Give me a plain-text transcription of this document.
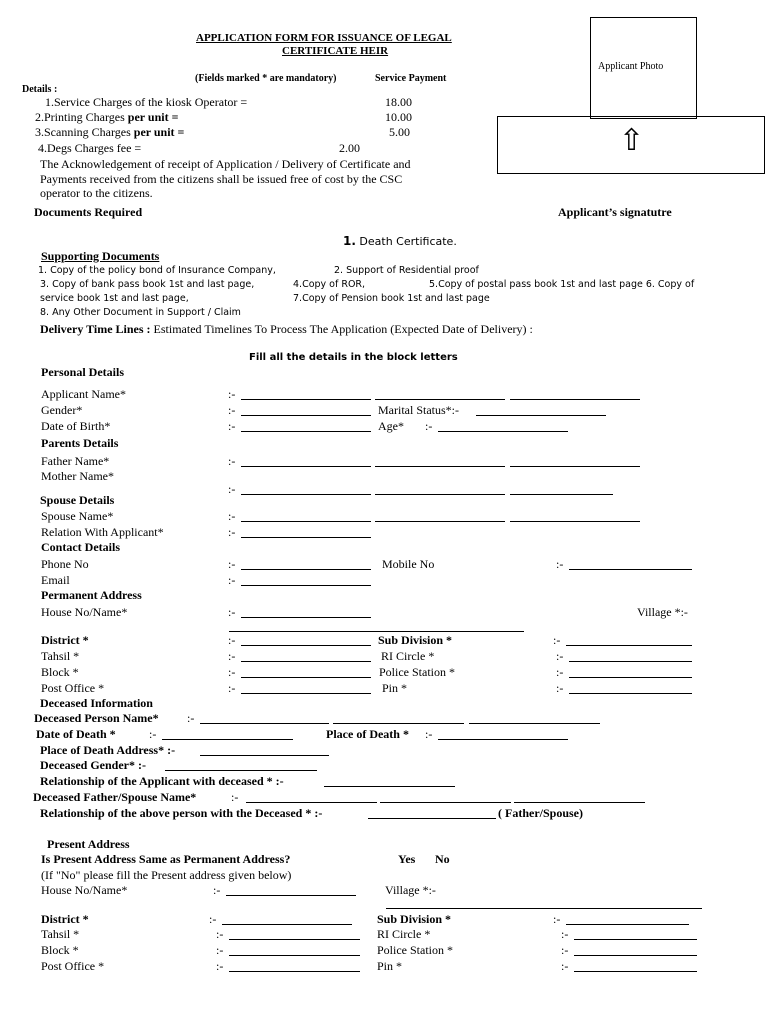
APPLICATION FORM FOR ISSUANCE OF LEGAL
CERTIFICATE HEIR
Applicant Photo
⇧
(Fields marked * are mandatory)	Service Payment
Details :
1.Service Charges of the kiosk Operator =	18.00
2.Printing Charges per unit =	10.00
3.Scanning Charges per unit =	5.00
4.Degs Charges fee =	2.00
The Acknowledgement of receipt of Application / Delivery of Certificate and
Payments received from the citizens shall be issued free of cost by the CSC
operator to the citizens.
Documents Required	Applicant’s signatutre
1. Death Certificate.
Supporting Documents
1. Copy of the policy bond of Insurance Company,	2. Support of Residential proof
3. Copy of bank pass book 1st and last page,	4.Copy of ROR,	5.Copy of postal pass book 1st and last page 6. Copy of
service book 1st and last page,	7.Copy of Pension book 1st and last page
8. Any Other Document in Support / Claim
Delivery Time Lines : Estimated Timelines To Process The Application (Expected Date of Delivery) :
Fill all the details in the block letters
Personal Details
Applicant Name*	:-
Gender*	:-	Marital Status*:-
Date of Birth*	:-	Age* :-
Parents Details
Father Name*	:-
Mother Name*
:-
Spouse Details
Spouse Name*	:-
Relation With Applicant*	:-
Contact Details
Phone No	:-	Mobile No	:-
Email	:-
Permanent Address
House No/Name*	:-	Village *:-
District *	:-	Sub Division *	:-
Tahsil *	:-	RI Circle *	:-
Block *	:-	Police Station *	:-
Post Office *	:-	Pin *	:-
Deceased Information
Deceased Person Name* :-
Date of Death *	:-	Place of Death * :-
Place of Death Address* :-
Deceased Gender* :-
Relationship of the Applicant with deceased * :-
Deceased Father/Spouse Name*	:-
Relationship of the above person with the Deceased * :-	( Father/Spouse)
Present Address
Is Present Address Same as Permanent Address?	Yes No
(If "No" please fill the Present address given below)
House No/Name*	:-	Village *:-
District *	:-	Sub Division *	:-
Tahsil *	:-	RI Circle *	:-
Block *	:-	Police Station *	:-
Post Office *	:-	Pin *	:-
